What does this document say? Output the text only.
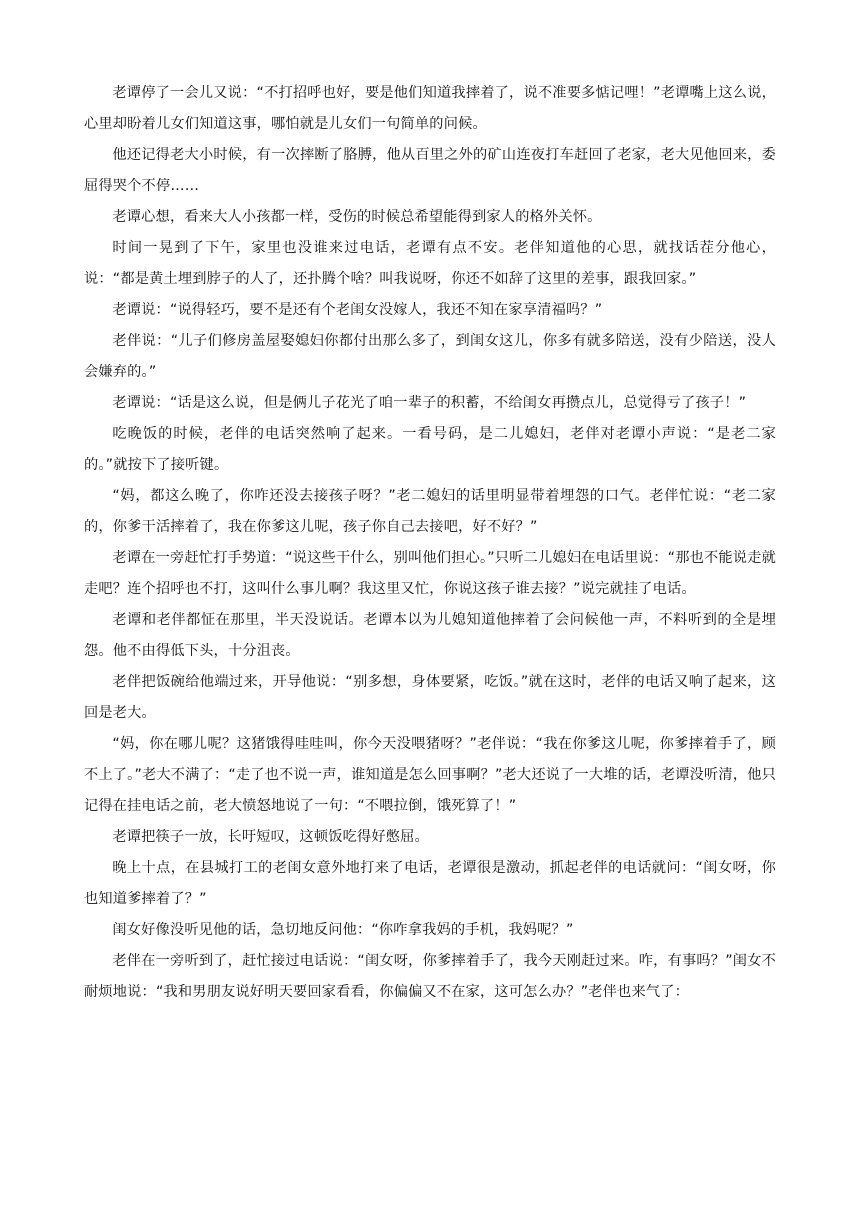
老谭停了一会儿又说：“不打招呼也好，要是他们知道我摔着了，说不准要多惦记哩！”老谭嘴上这么说，心里却盼着儿女们知道这事，哪怕就是儿女们一句简单的问候。

他还记得老大小时候，有一次摔断了胳膊，他从百里之外的矿山连夜打车赶回了老家，老大见他回来，委屈得哭个不停……

老谭心想，看来大人小孩都一样，受伤的时候总希望能得到家人的格外关怀。

时间一晃到了下午，家里也没谁来过电话，老谭有点不安。老伴知道他的心思，就找话茬分他心，说：“都是黄土埋到脖子的人了，还扑腾个啥？叫我说呀，你还不如辞了这里的差事，跟我回家。”

老谭说：“说得轻巧，要不是还有个老闺女没嫁人，我还不知在家享清福吗？”

老伴说：“儿子们修房盖屋娶媳妇你都付出那么多了，到闺女这儿，你多有就多陪送，没有少陪送，没人会嫌弃的。”

老谭说：“话是这么说，但是俩儿子花光了咱一辈子的积蓄，不给闺女再攒点儿，总觉得亏了孩子！”

吃晚饭的时候，老伴的电话突然响了起来。一看号码，是二儿媳妇，老伴对老谭小声说：“是老二家的。”就按下了接听键。

“妈，都这么晚了，你咋还没去接孩子呀？”老二媳妇的话里明显带着埋怨的口气。老伴忙说：“老二家的，你爹干活摔着了，我在你爹这儿呢，孩子你自己去接吧，好不好？”

老谭在一旁赶忙打手势道：“说这些干什么，别叫他们担心。”只听二儿媳妇在电话里说：“那也不能说走就走吧？连个招呼也不打，这叫什么事儿啊？我这里又忙，你说这孩子谁去接？”说完就挂了电话。

老谭和老伴都怔在那里，半天没说话。老谭本以为儿媳知道他摔着了会问候他一声，不料听到的全是埋怨。他不由得低下头，十分沮丧。

老伴把饭碗给他端过来，开导他说：“别多想，身体要紧，吃饭。”就在这时，老伴的电话又响了起来，这回是老大。

“妈，你在哪儿呢？这猪饿得哇哇叫，你今天没喂猪呀？”老伴说：“我在你爹这儿呢，你爹摔着手了，顾不上了。”老大不满了：“走了也不说一声，谁知道是怎么回事啊？”老大还说了一大堆的话，老谭没听清，他只记得在挂电话之前，老大愤怒地说了一句：“不喂拉倒，饿死算了！”

老谭把筷子一放，长吁短叹，这顿饭吃得好憋屈。

晚上十点，在县城打工的老闺女意外地打来了电话，老谭很是激动，抓起老伴的电话就问：“闺女呀，你也知道爹摔着了？”

闺女好像没听见他的话，急切地反问他：“你咋拿我妈的手机，我妈呢？”

老伴在一旁听到了，赶忙接过电话说：“闺女呀，你爹摔着手了，我今天刚赶过来。咋，有事吗？”闺女不耐烦地说：“我和男朋友说好明天要回家看看，你偏偏又不在家，这可怎么办？”老伴也来气了：
